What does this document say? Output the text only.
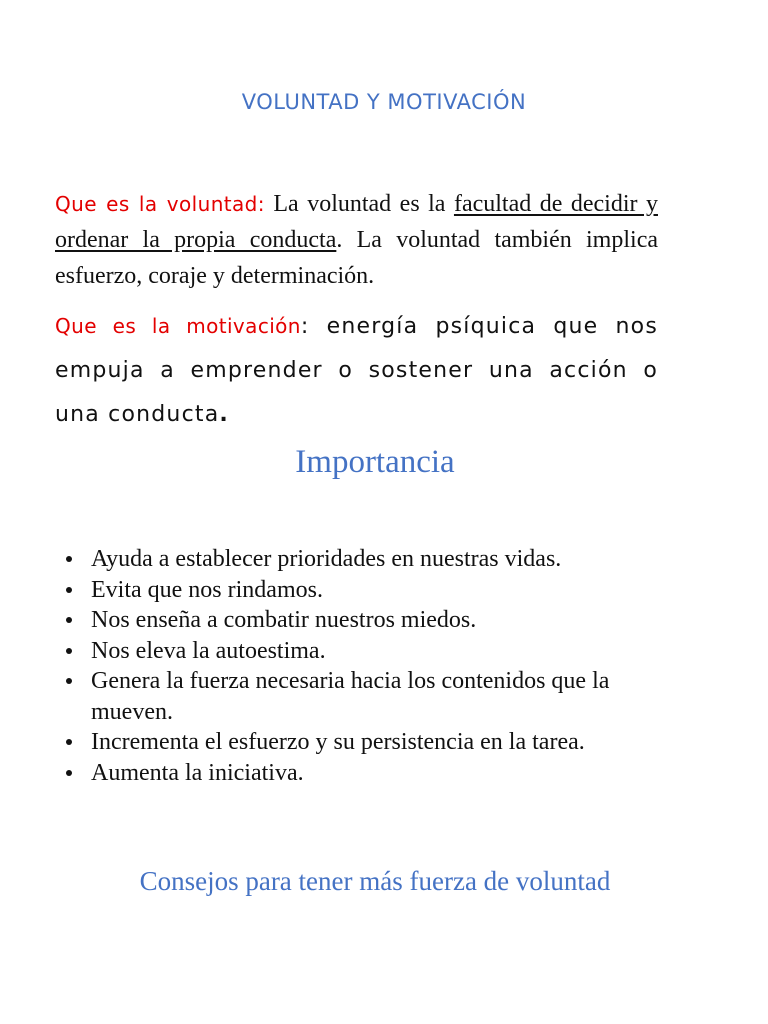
VOLUNTAD Y MOTIVACIÓN

Que es la voluntad: La voluntad es la facultad de decidir y ordenar la propia conducta. La voluntad también implica esfuerzo, coraje y determinación.

Que es la motivación: energía psíquica que nos empuja a emprender o sostener una acción o una conducta.

Importancia
Ayuda a establecer prioridades en nuestras vidas.
Evita que nos rindamos.
Nos enseña a combatir nuestros miedos.
Nos eleva la autoestima.
Genera la fuerza necesaria hacia los contenidos que la mueven.
Incrementa el esfuerzo y su persistencia en la tarea.
Aumenta la iniciativa.
Consejos para tener más fuerza de voluntad
